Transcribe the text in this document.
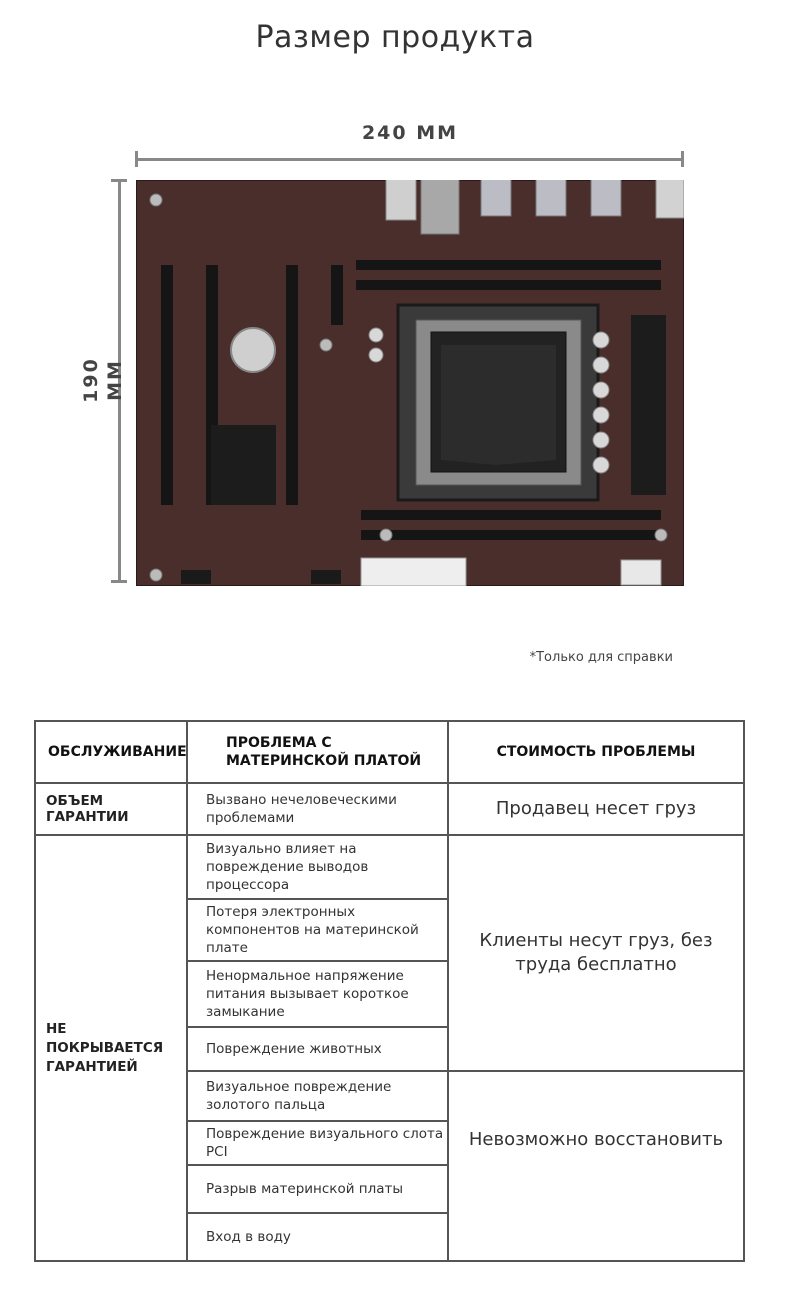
Размер продукта
240 MM
190 MM
*Только для справки
ОБСЛУЖИВАНИЕ	ПРОБЛЕМА С МАТЕРИНСКОЙ ПЛАТОЙ	СТОИМОСТЬ ПРОБЛЕМЫ
ОБЪЕМ ГАРАНТИИ	Вызвано нечеловеческими проблемами	Продавец несет груз
НЕ ПОКРЫВАЕТСЯ ГАРАНТИЕЙ	Визуально влияет на повреждение выводов процессора	Клиенты несут груз, без труда бесплатно
	Потеря электронных компонентов на материнской плате	
	Ненормальное напряжение питания вызывает короткое замыкание	
	Повреждение животных	
	Визуальное повреждение золотого пальца	Невозможно восстановить
	Повреждение визуального слота PCI	
	Разрыв материнской платы	
	Вход в воду	
